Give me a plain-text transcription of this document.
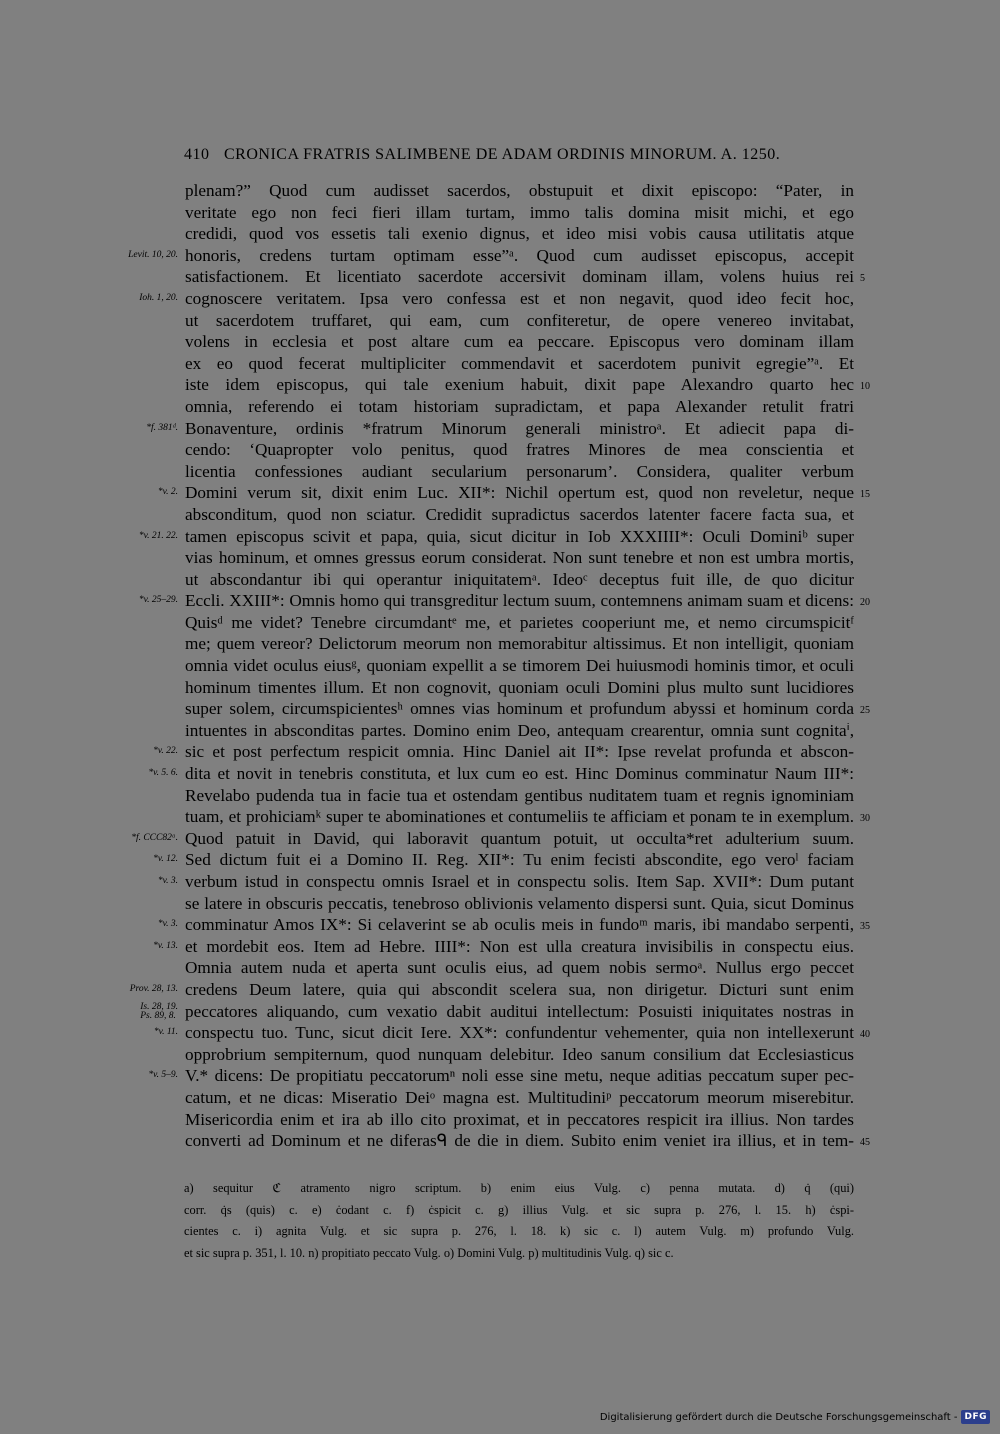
410 CRONICA FRATRIS SALIMBENE DE ADAM ORDINIS MINORUM. A. 1250.
plenam?” Quod cum audisset sacerdos, obstupuit et dixit episcopo: “Pater, in
veritate ego non feci fieri illam turtam, immo talis domina misit michi, et ego
credidi, quod vos essetis tali exenio dignus, et ideo misi vobis causa utilitatis atque
Levit. 10, 20. honoris, credens turtam optimam esse”ᵃ. Quod cum audisset episcopus, accepit
satisfactionem. Et licentiato sacerdote accersivit dominam illam, volens huius rei 5
Ioh. 1, 20. cognoscere veritatem. Ipsa vero confessa est et non negavit, quod ideo fecit hoc,
ut sacerdotem truffaret, qui eam, cum confiteretur, de opere venereo invitabat,
volens in ecclesia et post altare cum ea peccare. Episcopus vero dominam illam
ex eo quod fecerat multipliciter commendavit et sacerdotem punivit egregie”ᵃ. Et
iste idem episcopus, qui tale exenium habuit, dixit pape Alexandro quarto hec 10
omnia, referendo ei totam historiam supradictam, et papa Alexander retulit fratri
*f. 381ᵈ. Bonaventure, ordinis *fratrum Minorum generali ministroᵃ. Et adiecit papa di-
cendo: ‘Quapropter volo penitus, quod fratres Minores de mea conscientia et
licentia confessiones audiant secularium personarum’. Considera, qualiter verbum
*v. 2. Domini verum sit, dixit enim Luc. XII*: Nichil opertum est, quod non reveletur, neque 15
absconditum, quod non sciatur. Credidit supradictus sacerdos latenter facere facta sua, et
*v. 21. 22. tamen episcopus scivit et papa, quia, sicut dicitur in Iob XXXIIII*: Oculi Dominiᵇ super
vias hominum, et omnes gressus eorum considerat. Non sunt tenebre et non est umbra mortis,
ut abscondantur ibi qui operantur iniquitatemᵃ. Ideoᶜ deceptus fuit ille, de quo dicitur
*v. 25–29. Eccli. XXIII*: Omnis homo qui transgreditur lectum suum, contemnens animam suam et dicens: 20
Quisᵈ me videt? Tenebre circumdantᵉ me, et parietes cooperiunt me, et nemo circumspicitᶠ
me; quem vereor? Delictorum meorum non memorabitur altissimus. Et non intelligit, quoniam
omnia videt oculus eiusᵍ, quoniam expellit a se timorem Dei huiusmodi hominis timor, et oculi
hominum timentes illum. Et non cognovit, quoniam oculi Domini plus multo sunt lucidiores
super solem, circumspicientesʰ omnes vias hominum et profundum abyssi et hominum corda 25
intuentes in absconditas partes. Domino enim Deo, antequam crearentur, omnia sunt cognitaⁱ,
*v. 22. sic et post perfectum respicit omnia. Hinc Daniel ait II*: Ipse revelat profunda et abscon-
*v. 5. 6. dita et novit in tenebris constituta, et lux cum eo est. Hinc Dominus comminatur Naum III*:
Revelabo pudenda tua in facie tua et ostendam gentibus nuditatem tuam et regnis ignominiam
tuam, et prohiciamᵏ super te abominationes et contumeliis te afficiam et ponam te in exemplum. 30
*f. CCC82ᵃ. Quod patuit in David, qui laboravit quantum potuit, ut occulta*ret adulterium suum.
*v. 12. Sed dictum fuit ei a Domino II. Reg. XII*: Tu enim fecisti abscondite, ego veroˡ faciam
*v. 3. verbum istud in conspectu omnis Israel et in conspectu solis. Item Sap. XVII*: Dum putant
se latere in obscuris peccatis, tenebroso oblivionis velamento dispersi sunt. Quia, sicut Dominus
*v. 3. comminatur Amos IX*: Si celaverint se ab oculis meis in fundoᵐ maris, ibi mandabo serpenti, 35
*v. 13. et mordebit eos. Item ad Hebre. IIII*: Non est ulla creatura invisibilis in conspectu eius.
Omnia autem nuda et aperta sunt oculis eius, ad quem nobis sermoᵃ. Nullus ergo peccet
Prov. 28, 13. credens Deum latere, quia qui abscondit scelera sua, non dirigetur. Dicturi sunt enim
Is. 28, 19.
Ps. 89, 8. peccatores aliquando, cum vexatio dabit auditui intellectum: Posuisti iniquitates nostras in
*v. 11. conspectu tuo. Tunc, sicut dicit Iere. XX*: confundentur vehementer, quia non intellexerunt 40
opprobrium sempiternum, quod nunquam delebitur. Ideo sanum consilium dat Ecclesiasticus
*v. 5–9. V.* dicens: De propitiatu peccatorumⁿ noli esse sine metu, neque aditias peccatum super pec-
catum, et ne dicas: Miseratio Deiᵒ magna est. Multitudiniᵖ peccatorum meorum miserebitur.
Misericordia enim et ira ab illo cito proximat, et in peccatores respicit ira illius. Non tardes
converti ad Dominum et ne diferasᑫ de die in diem. Subito enim veniet ira illius, et in tem- 45
a) sequitur ℭ atramento nigro scriptum. b) enim eius Vulg. c) penna mutata. d) q̇ (qui)
corr. q̇s (quis) c. e) ċodant c. f) ċspicit c. g) illius Vulg. et sic supra p. 276, l. 15. h) ċspi-
cientes c. i) agnita Vulg. et sic supra p. 276, l. 18. k) sic c. l) autem Vulg. m) profundo Vulg.
et sic supra p. 351, l. 10. n) propitiato peccato Vulg. o) Domini Vulg. p) multitudinis Vulg. q) sic c.
Digitalisierung gefördert durch die Deutsche Forschungsgemeinschaft - DFG
